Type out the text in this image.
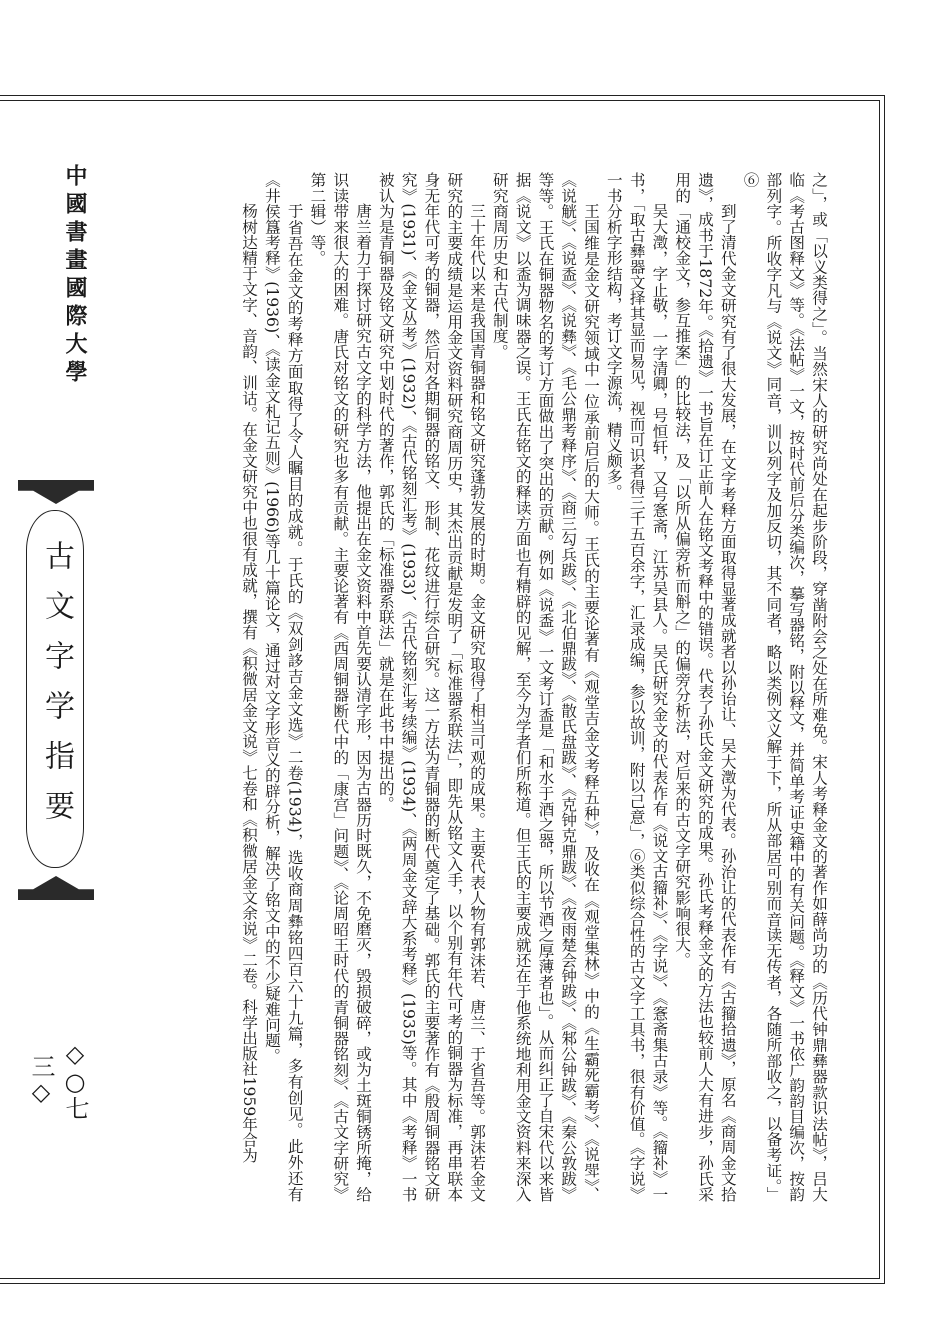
中國書畫國際大學
古文字学指要
◇○七三◇	之」，或「以义类得之」。当然宋人的研究尚处在起步阶段，穿凿附会之处在所难免。宋人考释金文的著作如薛尚功的《历代钟鼎彝器款识法帖》，吕大临《考古图释文》等。《法帖》一文，按时代前后分类编次，摹写器铭，附以释文，并简单考证史籍中的有关问题。《释文》一书依广韵韵目编次，按韵部列字。所收字凡与《说文》同音，训以列字及加反切，其不同者，略以类例文义解于下，所从部居可别而音读无传者，各随所部收之，以备考证。」⑥

到了清代金文研究有了很大发展，在文字考释方面取得显著成就者以孙诒让、吴大澂为代表。孙治让的代表作有《古籀拾遗》，原名《商周金文拾遗》，成书于1872年。《拾遗》一书旨在订正前人在铭文考释中的错误。代表了孙氏金文研究的成果。孙氏考释金文的方法也较前人大有进步，孙氏采用的「通校金文，参互推案」的比较法，及「以所从偏旁析而斛之」的偏旁分析法，对后来的古文字研究影响很大。

吴大澂，字止敬，一字清卿，号恒轩，又号愙斋，江苏吴县人。吴氏研究金文的代表作有《说文古籀补》、《字说》、《愙斋集古录》等。《籀补》一书，「取古彝器文择其显而易见，视而可识者得三千五百余字，汇录成编，参以故训，附以己意」，⑥类似综合性的古文字工具书，很有价值。《字说》一书分析字形结构，考订文字源流，精义颇多。

王国维是金文研究领域中一位承前启后的大师。王氏的主要论著有《观堂吉金文考释五种》，及收在《观堂集林》中的《生霸死霸考》、《说斝》、《说觥》、《说盉》、《说彝》、《毛公鼎考释序》、《商三勾兵跋》、《北伯鼎跋》、《散氏盘跋》、《克钟克鼎跋》、《夜雨楚会钟跋》、《邾公钟跋》、《秦公敦跋》等等。王氏在铜器物名的考订方面做出了突出的贡献。例如《说盉》一文考订盉是「和水于酒之器，所以节酒之厚薄者也」。从而纠正了自宋代以来皆据《说文》以盉为调味器之误。王氏在铭文的释读方面也有精辟的见解，至今为学者们所称道。但王氏的主要成就还在于他系统地利用金文资料来深入研究商周历史和古代制度。

三十年代以来是我国青铜器和铭文研究蓬勃发展的时期。金文研究取得了相当可观的成果。主要代表人物有郭沫若、唐兰、于省吾等。郭沫若金文研究的主要成绩是运用金文资料研究商周历史，其杰出贡献是发明了「标准器系联法」，即先从铭文入手，以个别有年代可考的铜器为标准，再串联本身无年代可考的铜器，然后对各期铜器的铭文、形制、花纹进行综合研究。这一方法为青铜器的断代奠定了基础。郭氏的主要著作有《殷周铜器铭文研究》(1931)、《金文丛考》(1932)、《古代铭刻汇考》(1933)、《古代铭刻汇考续编》(1934)、《两周金文辞大系考释》(1935)等。其中《考释》一书被认为是青铜器及铭文研究中划时代的著作，郭氏的「标准器系联法」就是在此书中提出的。

唐兰着力于探讨研究古文字的科学方法，他提出在金文资料中首先要认清字形，因为古器历时既久，不免磨灭，毁损破碎，或为土斑铜锈所掩，给识读带来很大的困难。唐氏对铭文的研究也多有贡献。主要论著有《西周铜器断代中的「康宫」问题》、《论周昭王时代的青铜器铭刻》、《古文字研究》第二辑）等。

于省吾在金文的考释方面取得了令人瞩目的成就。于氏的《双剑誃吉金文选》二卷(1934)，选收商周彝铭四百六十九篇，多有创见。此外还有《井侯簋考释》(1936)、《读金文札记五则》(1966)等几十篇论文，通过对文字形音义的辟分析，解决了铭文中的不少疑难问题。

杨树达精于文字、音韵、训诂。在金文研究中也很有成就，撰有《积微居金文说》七卷和《积微居金文余说》二卷。科学出版社1959年合为
